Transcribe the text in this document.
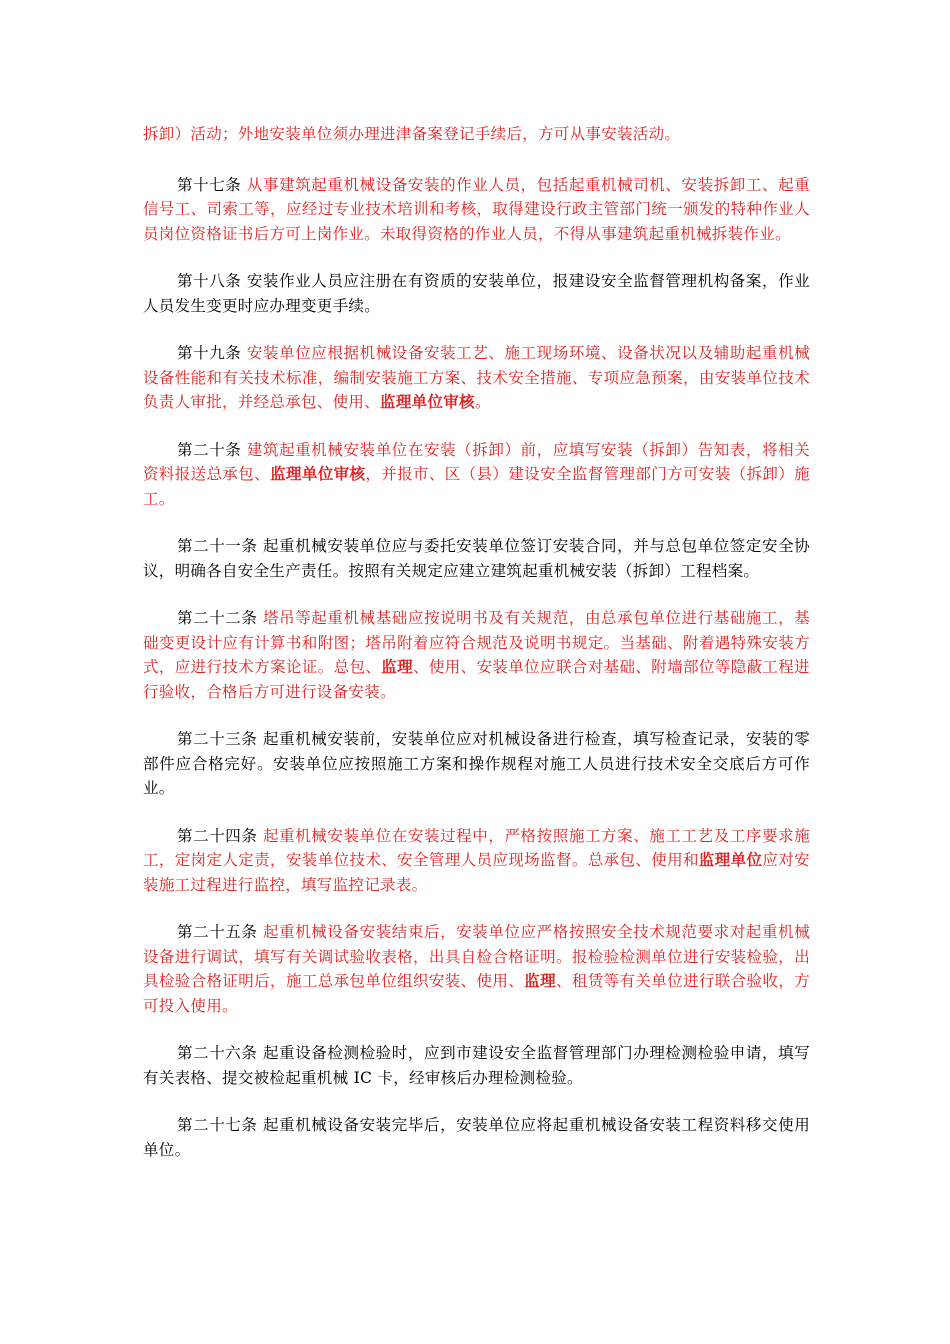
拆卸）活动；外地安装单位须办理进津备案登记手续后，方可从事安装活动。

第十七条 从事建筑起重机械设备安装的作业人员，包括起重机械司机、安装拆卸工、起重信号工、司索工等，应经过专业技术培训和考核，取得建设行政主管部门统一颁发的特种作业人员岗位资格证书后方可上岗作业。未取得资格的作业人员，不得从事建筑起重机械拆装作业。

第十八条 安装作业人员应注册在有资质的安装单位，报建设安全监督管理机构备案，作业人员发生变更时应办理变更手续。

第十九条 安装单位应根据机械设备安装工艺、施工现场环境、设备状况以及辅助起重机械设备性能和有关技术标准，编制安装施工方案、技术安全措施、专项应急预案，由安装单位技术负责人审批，并经总承包、使用、监理单位审核。

第二十条 建筑起重机械安装单位在安装（拆卸）前，应填写安装（拆卸）告知表，将相关资料报送总承包、监理单位审核，并报市、区（县）建设安全监督管理部门方可安装（拆卸）施工。

第二十一条 起重机械安装单位应与委托安装单位签订安装合同，并与总包单位签定安全协议，明确各自安全生产责任。按照有关规定应建立建筑起重机械安装（拆卸）工程档案。

第二十二条 塔吊等起重机械基础应按说明书及有关规范，由总承包单位进行基础施工，基础变更设计应有计算书和附图；塔吊附着应符合规范及说明书规定。当基础、附着遇特殊安装方式，应进行技术方案论证。总包、监理、使用、安装单位应联合对基础、附墙部位等隐蔽工程进行验收，合格后方可进行设备安装。

第二十三条 起重机械安装前，安装单位应对机械设备进行检查，填写检查记录，安装的零部件应合格完好。安装单位应按照施工方案和操作规程对施工人员进行技术安全交底后方可作业。

第二十四条 起重机械安装单位在安装过程中，严格按照施工方案、施工工艺及工序要求施工，定岗定人定责，安装单位技术、安全管理人员应现场监督。总承包、使用和监理单位应对安装施工过程进行监控，填写监控记录表。

第二十五条 起重机械设备安装结束后，安装单位应严格按照安全技术规范要求对起重机械设备进行调试，填写有关调试验收表格，出具自检合格证明。报检验检测单位进行安装检验，出具检验合格证明后，施工总承包单位组织安装、使用、监理、租赁等有关单位进行联合验收，方可投入使用。

第二十六条 起重设备检测检验时，应到市建设安全监督管理部门办理检测检验申请，填写有关表格、提交被检起重机械 IC 卡，经审核后办理检测检验。

第二十七条 起重机械设备安装完毕后，安装单位应将起重机械设备安装工程资料移交使用单位。
